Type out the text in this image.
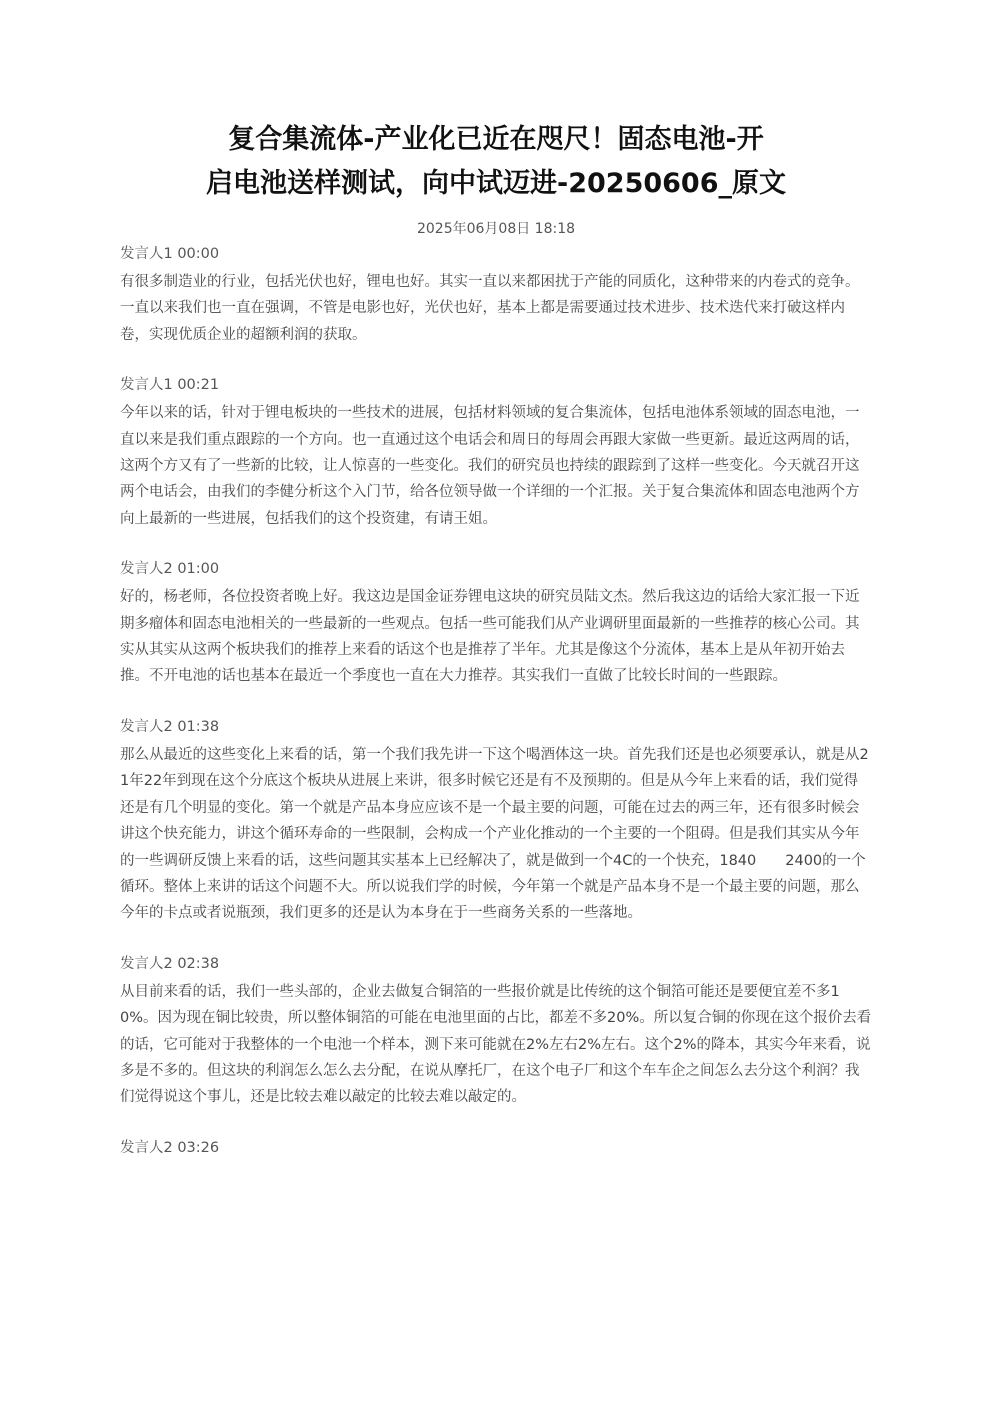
复合集流体-产业化已近在咫尺！固态电池-开
启电池送样测试，向中试迈进-20250606_原文
2025年06月08日 18:18
发言人1 00:00

有很多制造业的行业，包括光伏也好，锂电也好。其实一直以来都困扰于产能的同质化，这种带来的内卷式的竞争。一直以来我们也一直在强调，不管是电影也好，光伏也好，基本上都是需要通过技术进步、技术迭代来打破这样内卷，实现优质企业的超额利润的获取。

发言人1 00:21

今年以来的话，针对于锂电板块的一些技术的进展，包括材料领域的复合集流体，包括电池体系领域的固态电池，一直以来是我们重点跟踪的一个方向。也一直通过这个电话会和周日的每周会再跟大家做一些更新。最近这两周的话，这两个方又有了一些新的比较，让人惊喜的一些变化。我们的研究员也持续的跟踪到了这样一些变化。今天就召开这两个电话会，由我们的李健分析这个入门节，给各位领导做一个详细的一个汇报。关于复合集流体和固态电池两个方向上最新的一些进展，包括我们的这个投资建，有请王姐。

发言人2 01:00

好的，杨老师，各位投资者晚上好。我这边是国金证券锂电这块的研究员陆文杰。然后我这边的话给大家汇报一下近期多瘤体和固态电池相关的一些最新的一些观点。包括一些可能我们从产业调研里面最新的一些推荐的核心公司。其实从其实从这两个板块我们的推荐上来看的话这个也是推荐了半年。尤其是像这个分流体，基本上是从年初开始去推。不开电池的话也基本在最近一个季度也一直在大力推荐。其实我们一直做了比较长时间的一些跟踪。

发言人2 01:38

那么从最近的这些变化上来看的话，第一个我们我先讲一下这个喝酒体这一块。首先我们还是也必须要承认，就是从21年22年到现在这个分底这个板块从进展上来讲，很多时候它还是有不及预期的。但是从今年上来看的话，我们觉得还是有几个明显的变化。第一个就是产品本身应应该不是一个最主要的问题，可能在过去的两三年，还有很多时候会讲这个快充能力，讲这个循环寿命的一些限制，会构成一个产业化推动的一个主要的一个阻碍。但是我们其实从今年的一些调研反馈上来看的话，这些问题其实基本上已经解决了，就是做到一个4C的一个快充，1840　　2400的一个循环。整体上来讲的话这个问题不大。所以说我们学的时候，今年第一个就是产品本身不是一个最主要的问题，那么今年的卡点或者说瓶颈，我们更多的还是认为本身在于一些商务关系的一些落地。

发言人2 02:38

从目前来看的话，我们一些头部的，企业去做复合铜箔的一些报价就是比传统的这个铜箔可能还是要便宜差不多10%。因为现在铜比较贵，所以整体铜箔的可能在电池里面的占比，都差不多20%。所以复合铜的你现在这个报价去看的话，它可能对于我整体的一个电池一个样本，测下来可能就在2%左右2%左右。这个2%的降本，其实今年来看，说多是不多的。但这块的利润怎么怎么去分配，在说从摩托厂，在这个电子厂和这个车车企之间怎么去分这个利润？我们觉得说这个事儿，还是比较去难以敲定的比较去难以敲定的。

发言人2 03:26
